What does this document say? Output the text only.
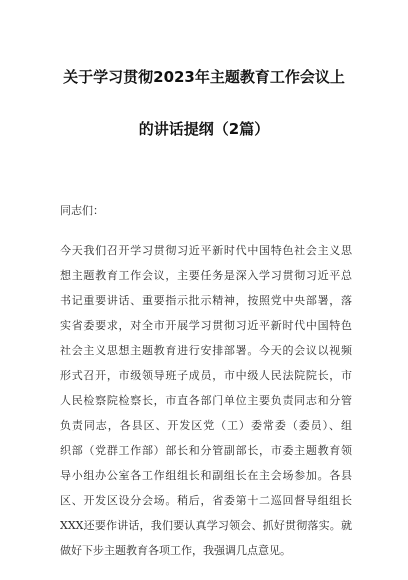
关于学习贯彻2023年主题教育工作会议上
的讲话提纲（2篇）
同志们：
今天我们召开学习贯彻习近平新时代中国特色社会主义思
想主题教育工作会议，主要任务是深入学习贯彻习近平总
书记重要讲话、重要指示批示精神，按照党中央部署，落
实省委要求，对全市开展学习贯彻习近平新时代中国特色
社会主义思想主题教育进行安排部署。今天的会议以视频
形式召开，市级领导班子成员，市中级人民法院院长，市
人民检察院检察长，市直各部门单位主要负责同志和分管
负责同志，各县区、开发区党（工）委常委（委员）、组
织部（党群工作部）部长和分管副部长，市委主题教育领
导小组办公室各工作组组长和副组长在主会场参加。各县
区、开发区设分会场。稍后，省委第十二巡回督导组组长
XXX还要作讲话，我们要认真学习领会、抓好贯彻落实。就
做好下步主题教育各项工作，我强调几点意见。
